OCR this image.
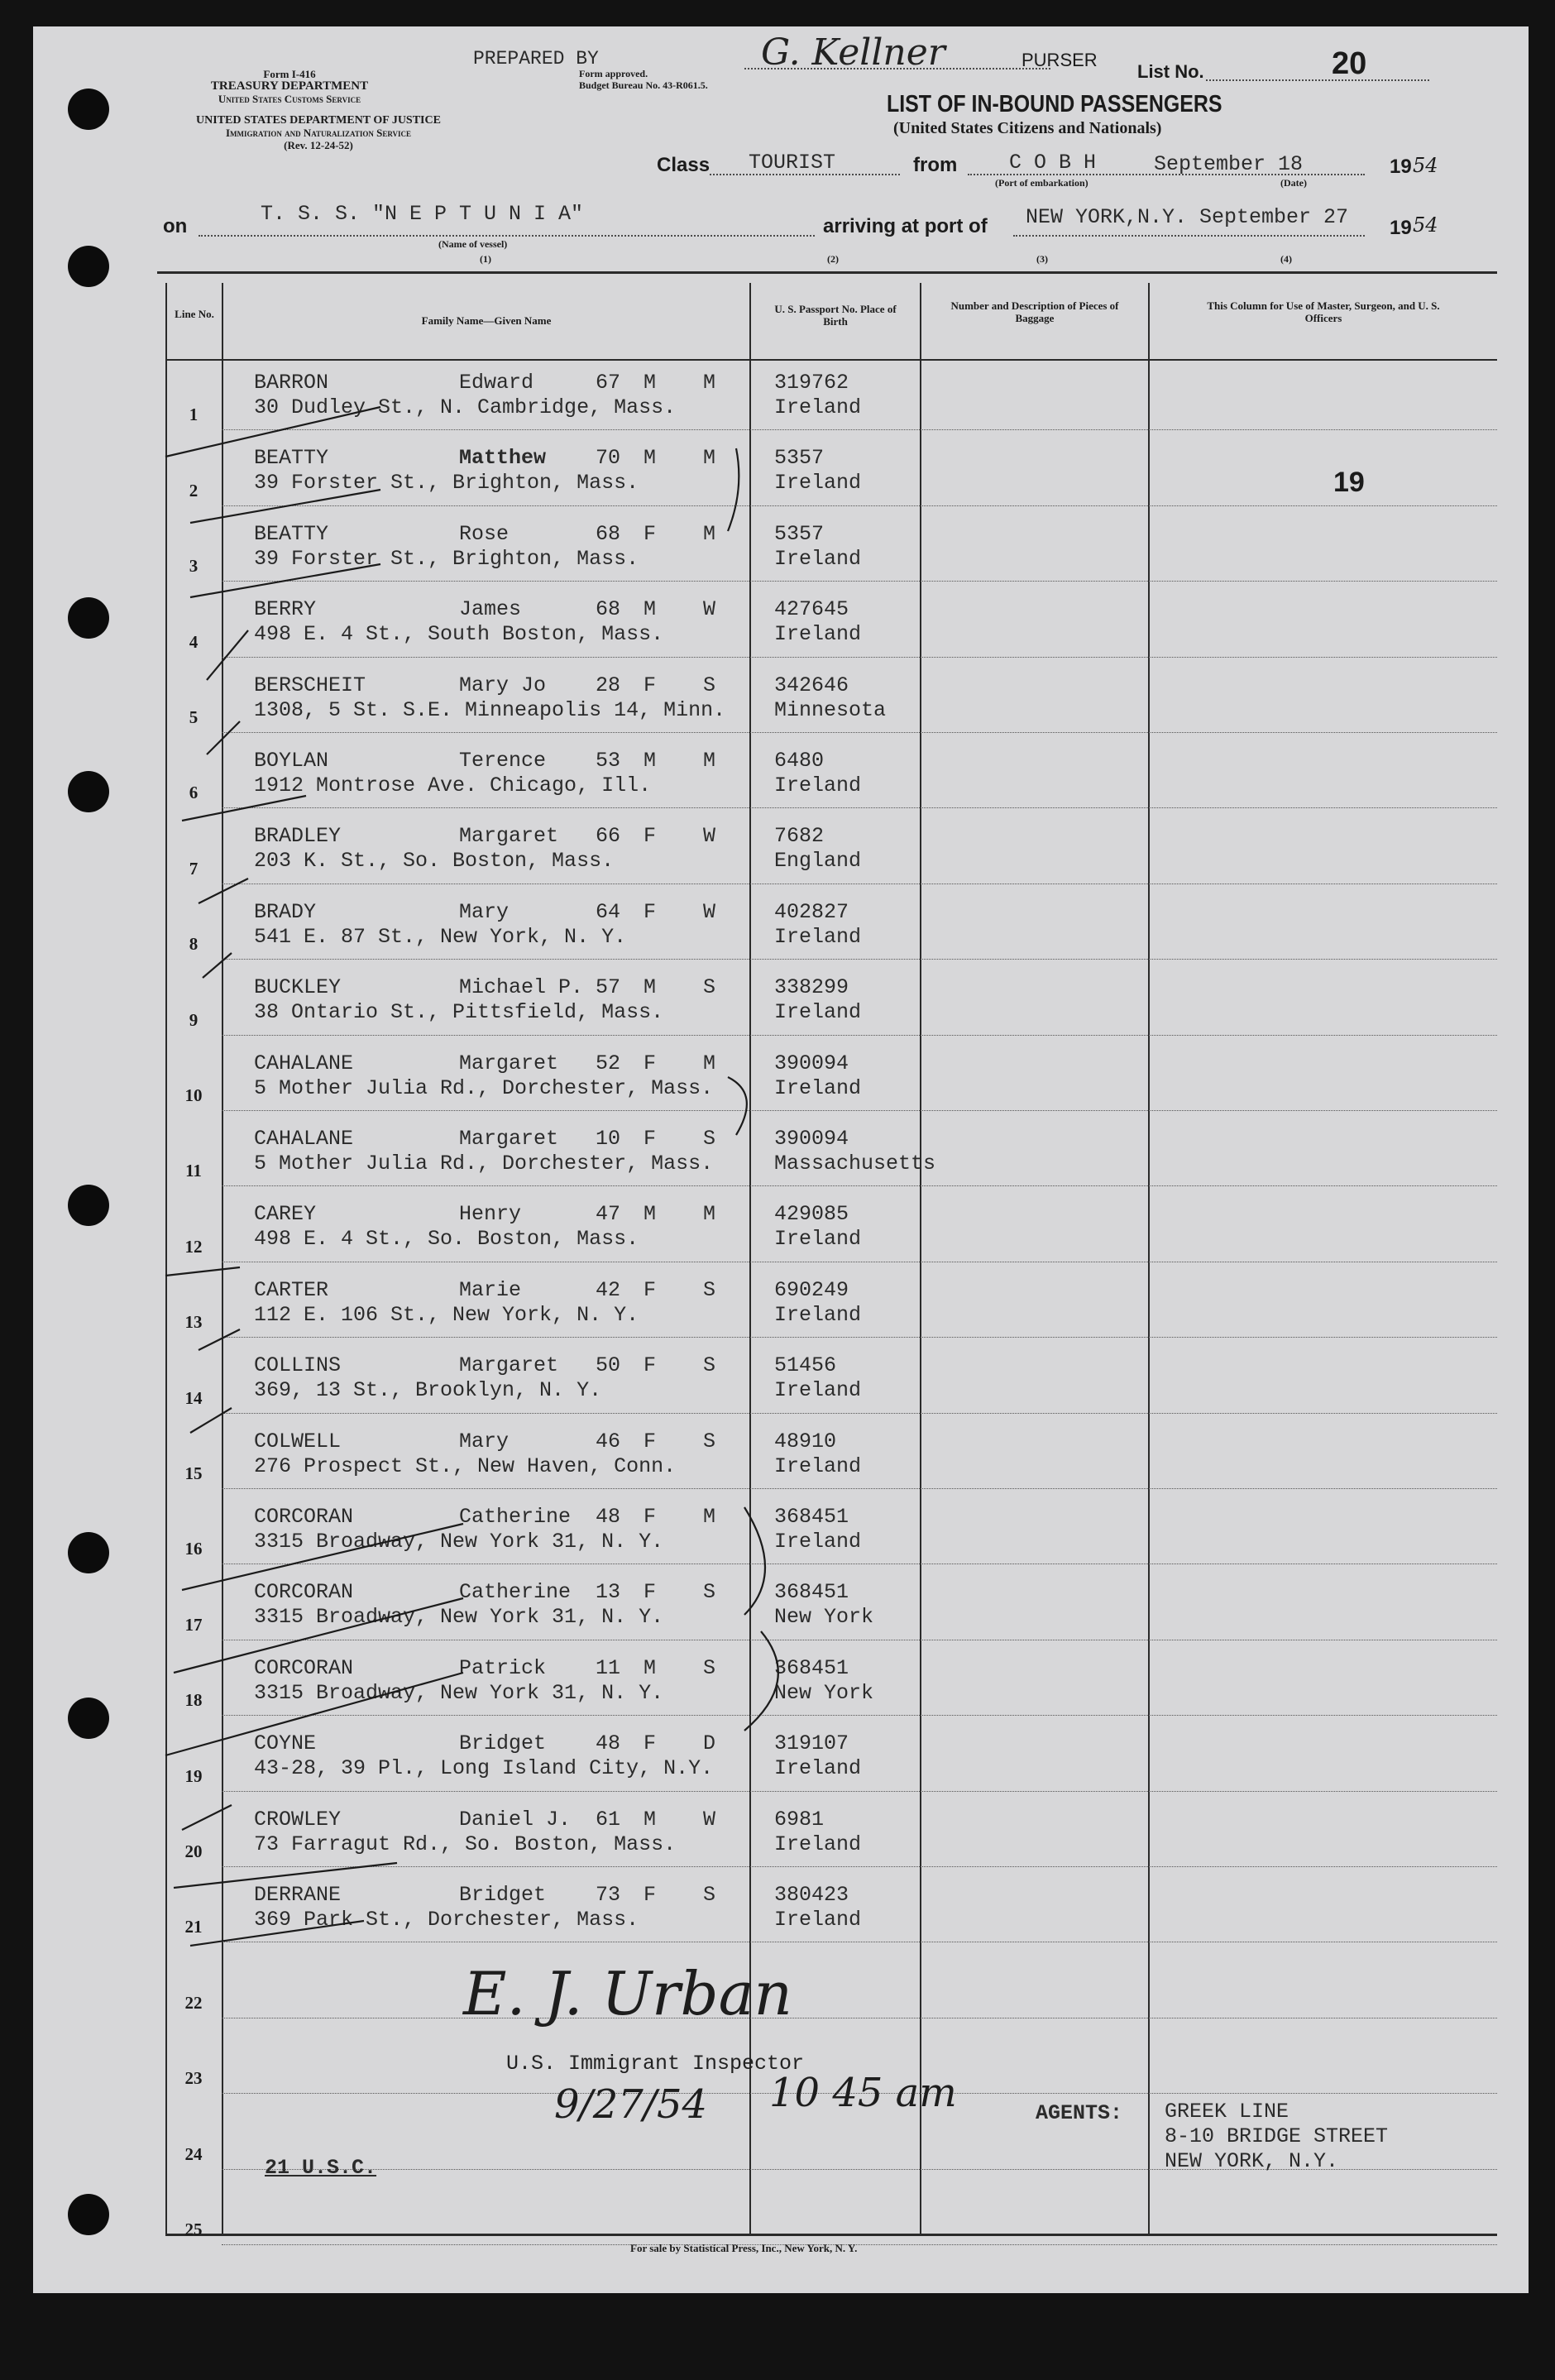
Form I-416
TREASURY DEPARTMENT
United States Customs Service
UNITED STATES DEPARTMENT OF JUSTICE
Immigration and Naturalization Service
(Rev. 12-24-52)
PREPARED BY
Form approved.
Budget Bureau No. 43-R061.5.
G. Kellner	PURSER
List No.	20
LIST OF IN-BOUND PASSENGERS
(United States Citizens and Nationals)
Class TOURIST	from	C O B H	September 18	19 54
(Port of embarkation)	(Date)
on
T. S. S. "N E P T U N I A"
(Name of vessel)
(1)
arriving at port of NEW YORK,N.Y. September 27 19 54
(2)	(3)	(4)
Line No.
Family Name—Given Name
U. S. Passport No. Place of Birth
Number and Description of Pieces of Baggage
This Column for Use of Master, Surgeon, and U. S. Officers
19
1
BARRON	Edward	67 M M
30 Dudley St., N. Cambridge, Mass.
319762
Ireland
2
BEATTY	Matthew 70 M M
39 Forster St., Brighton, Mass.
5357
Ireland
3
BEATTY	Rose	68 F M
39 Forster St., Brighton, Mass.
5357
Ireland
4
BERRY	James	68 M W
498 E. 4 St., South Boston, Mass.
427645
Ireland
5
BERSCHEIT	Mary Jo 28 F S
1308, 5 St. S.E. Minneapolis 14, Minn.
342646
Minnesota
6
BOYLAN	Terence 53 M M
1912 Montrose Ave. Chicago, Ill.
6480
Ireland
7
BRADLEY	Margaret 66 F W
203 K. St., So. Boston, Mass.
7682
England
8
BRADY	Mary	64 F W
541 E. 87 St., New York, N. Y.
402827
Ireland
9
BUCKLEY	Michael P. 57 M S
38 Ontario St., Pittsfield, Mass.
338299
Ireland
10
CAHALANE	Margaret 52 F M
5 Mother Julia Rd., Dorchester, Mass.
390094
Ireland
11
CAHALANE	Margaret 10 F S
5 Mother Julia Rd., Dorchester, Mass.
390094
Massachusetts
12
CAREY	Henry	47 M M
498 E. 4 St., So. Boston, Mass.
429085
Ireland
13
CARTER	Marie	42 F S
112 E. 106 St., New York, N. Y.
690249
Ireland
14
COLLINS	Margaret 50 F S
369, 13 St., Brooklyn, N. Y.
51456
Ireland
15
COLWELL	Mary	46 F S
276 Prospect St., New Haven, Conn.
48910
Ireland
16
CORCORAN	Catherine 48 F M
3315 Broadway, New York 31, N. Y.
368451
Ireland
17
CORCORAN	Catherine 13 F S
3315 Broadway, New York 31, N. Y.
368451
New York
18
CORCORAN	Patrick 11 M S
3315 Broadway, New York 31, N. Y.
368451
New York
19
COYNE	Bridget 48 F D
43-28, 39 Pl., Long Island City, N.Y.
319107
Ireland
20
CROWLEY	Daniel J. 61 M W
73 Farragut Rd., So. Boston, Mass.
6981
Ireland
21
DERRANE	Bridget 73 F S
369 Park St., Dorchester, Mass.
380423
Ireland
22
23
24
25
E. J. Urban
U.S. Immigrant Inspector
9/27/54 10 45 am	AGENTS: GREEK LINE
8-10 BRIDGE STREET
NEW YORK, N.Y.
21 U.S.C.
For sale by Statistical Press, Inc., New York, N. Y.
